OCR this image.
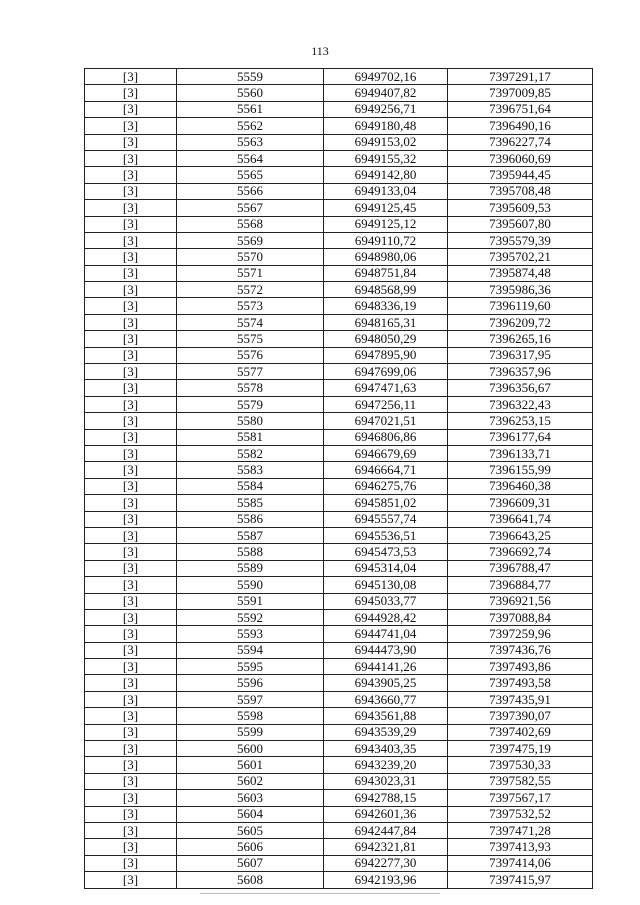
113
[3]	5559	6949702,16	7397291,17
[3]	5560	6949407,82	7397009,85
[3]	5561	6949256,71	7396751,64
[3]	5562	6949180,48	7396490,16
[3]	5563	6949153,02	7396227,74
[3]	5564	6949155,32	7396060,69
[3]	5565	6949142,80	7395944,45
[3]	5566	6949133,04	7395708,48
[3]	5567	6949125,45	7395609,53
[3]	5568	6949125,12	7395607,80
[3]	5569	6949110,72	7395579,39
[3]	5570	6948980,06	7395702,21
[3]	5571	6948751,84	7395874,48
[3]	5572	6948568,99	7395986,36
[3]	5573	6948336,19	7396119,60
[3]	5574	6948165,31	7396209,72
[3]	5575	6948050,29	7396265,16
[3]	5576	6947895,90	7396317,95
[3]	5577	6947699,06	7396357,96
[3]	5578	6947471,63	7396356,67
[3]	5579	6947256,11	7396322,43
[3]	5580	6947021,51	7396253,15
[3]	5581	6946806,86	7396177,64
[3]	5582	6946679,69	7396133,71
[3]	5583	6946664,71	7396155,99
[3]	5584	6946275,76	7396460,38
[3]	5585	6945851,02	7396609,31
[3]	5586	6945557,74	7396641,74
[3]	5587	6945536,51	7396643,25
[3]	5588	6945473,53	7396692,74
[3]	5589	6945314,04	7396788,47
[3]	5590	6945130,08	7396884,77
[3]	5591	6945033,77	7396921,56
[3]	5592	6944928,42	7397088,84
[3]	5593	6944741,04	7397259,96
[3]	5594	6944473,90	7397436,76
[3]	5595	6944141,26	7397493,86
[3]	5596	6943905,25	7397493,58
[3]	5597	6943660,77	7397435,91
[3]	5598	6943561,88	7397390,07
[3]	5599	6943539,29	7397402,69
[3]	5600	6943403,35	7397475,19
[3]	5601	6943239,20	7397530,33
[3]	5602	6943023,31	7397582,55
[3]	5603	6942788,15	7397567,17
[3]	5604	6942601,36	7397532,52
[3]	5605	6942447,84	7397471,28
[3]	5606	6942321,81	7397413,93
[3]	5607	6942277,30	7397414,06
[3]	5608	6942193,96	7397415,97
